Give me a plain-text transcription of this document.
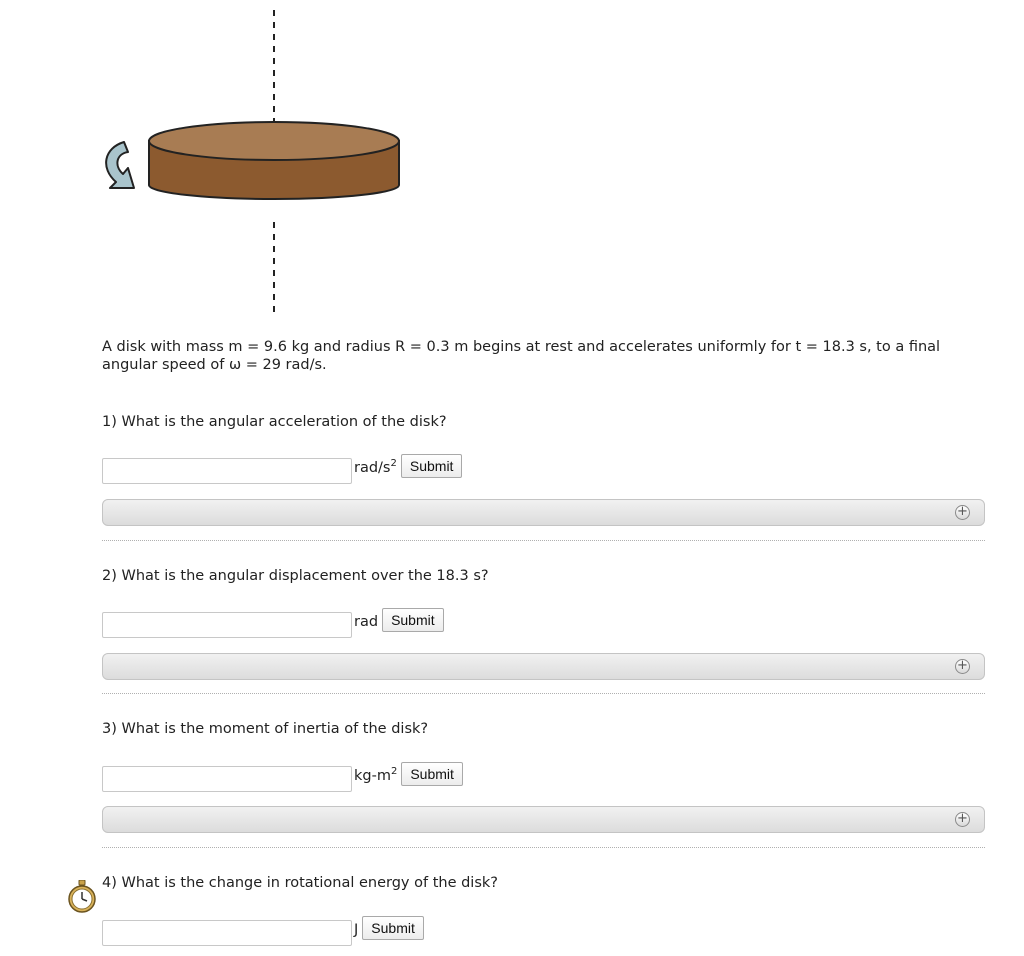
A disk with mass m = 9.6 kg and radius R = 0.3 m begins at rest and accelerates uniformly for t = 18.3 s, to a final angular speed of ω = 29 rad/s.
1) What is the angular acceleration of the disk?
rad/$s^2$ Submit
+
2) What is the angular displacement over the 18.3 s?
rad Submit
+
3) What is the moment of inertia of the disk?
$kg-m^2$ Submit
+
4) What is the change in rotational energy of the disk?
J Submit
